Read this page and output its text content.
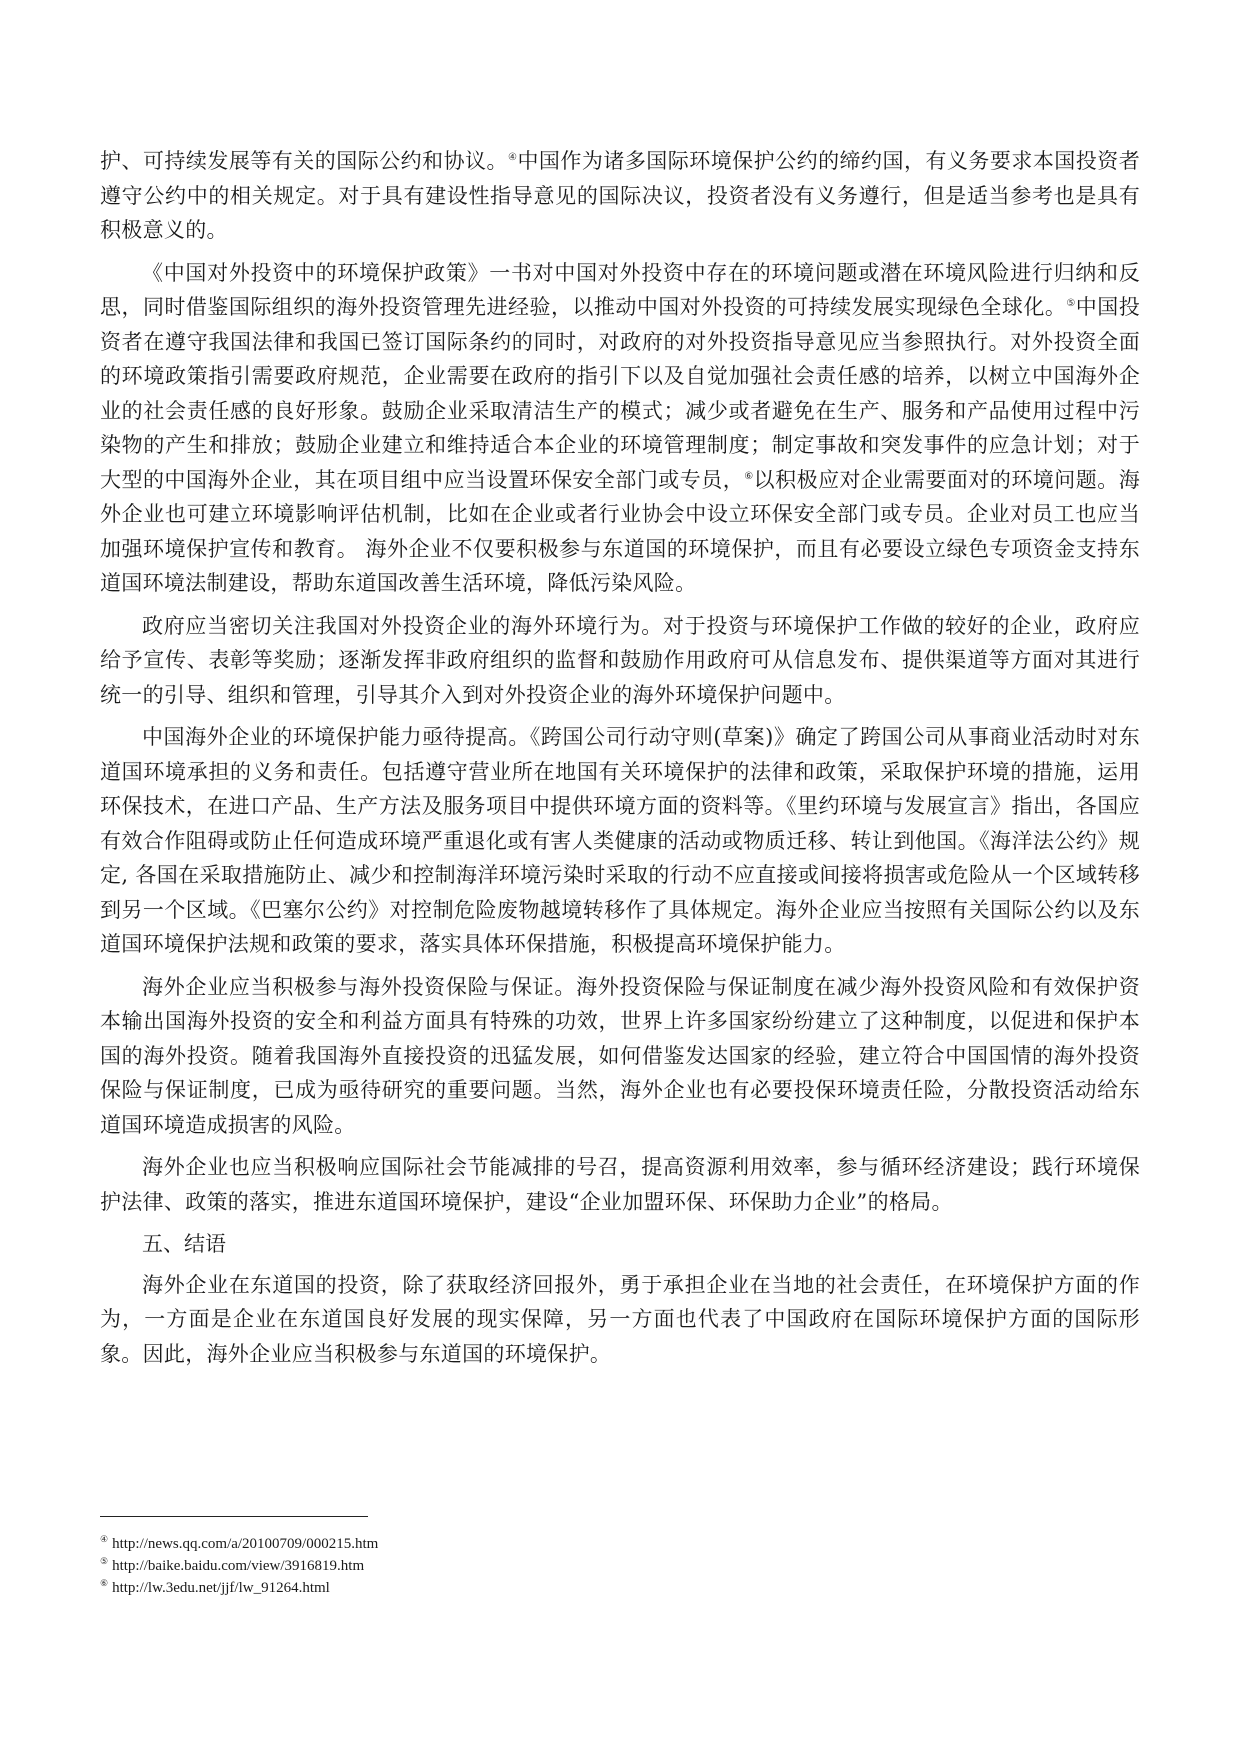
护、可持续发展等有关的国际公约和协议。④中国作为诸多国际环境保护公约的缔约国，有义务要求本国投资者遵守公约中的相关规定。对于具有建设性指导意见的国际决议，投资者没有义务遵行，但是适当参考也是具有积极意义的。

《中国对外投资中的环境保护政策》一书对中国对外投资中存在的环境问题或潜在环境风险进行归纳和反思，同时借鉴国际组织的海外投资管理先进经验，以推动中国对外投资的可持续发展实现绿色全球化。⑤中国投资者在遵守我国法律和我国已签订国际条约的同时，对政府的对外投资指导意见应当参照执行。对外投资全面的环境政策指引需要政府规范，企业需要在政府的指引下以及自觉加强社会责任感的培养，以树立中国海外企业的社会责任感的良好形象。鼓励企业采取清洁生产的模式；减少或者避免在生产、服务和产品使用过程中污染物的产生和排放；鼓励企业建立和维持适合本企业的环境管理制度；制定事故和突发事件的应急计划；对于大型的中国海外企业，其在项目组中应当设置环保安全部门或专员，⑥以积极应对企业需要面对的环境问题。海外企业也可建立环境影响评估机制，比如在企业或者行业协会中设立环保安全部门或专员。企业对员工也应当加强环境保护宣传和教育。 海外企业不仅要积极参与东道国的环境保护，而且有必要设立绿色专项资金支持东道国环境法制建设，帮助东道国改善生活环境，降低污染风险。

政府应当密切关注我国对外投资企业的海外环境行为。对于投资与环境保护工作做的较好的企业，政府应给予宣传、表彰等奖励；逐渐发挥非政府组织的监督和鼓励作用政府可从信息发布、提供渠道等方面对其进行统一的引导、组织和管理，引导其介入到对外投资企业的海外环境保护问题中。

中国海外企业的环境保护能力亟待提高。《跨国公司行动守则(草案)》确定了跨国公司从事商业活动时对东道国环境承担的义务和责任。包括遵守营业所在地国有关环境保护的法律和政策，采取保护环境的措施，运用环保技术，在进口产品、生产方法及服务项目中提供环境方面的资料等。《里约环境与发展宣言》指出，各国应有效合作阻碍或防止任何造成环境严重退化或有害人类健康的活动或物质迁移、转让到他国。《海洋法公约》规定, 各国在采取措施防止、减少和控制海洋环境污染时采取的行动不应直接或间接将损害或危险从一个区域转移到另一个区域。《巴塞尔公约》对控制危险废物越境转移作了具体规定。海外企业应当按照有关国际公约以及东道国环境保护法规和政策的要求，落实具体环保措施，积极提高环境保护能力。

海外企业应当积极参与海外投资保险与保证。海外投资保险与保证制度在减少海外投资风险和有效保护资本输出国海外投资的安全和利益方面具有特殊的功效，世界上许多国家纷纷建立了这种制度，以促进和保护本国的海外投资。随着我国海外直接投资的迅猛发展，如何借鉴发达国家的经验，建立符合中国国情的海外投资保险与保证制度，已成为亟待研究的重要问题。当然，海外企业也有必要投保环境责任险，分散投资活动给东道国环境造成损害的风险。

海外企业也应当积极响应国际社会节能减排的号召，提高资源利用效率，参与循环经济建设；践行环境保护法律、政策的落实，推进东道国环境保护，建设“企业加盟环保、环保助力企业”的格局。

五、结语

海外企业在东道国的投资，除了获取经济回报外，勇于承担企业在当地的社会责任，在环境保护方面的作为，一方面是企业在东道国良好发展的现实保障，另一方面也代表了中国政府在国际环境保护方面的国际形象。因此，海外企业应当积极参与东道国的环境保护。

④ http://news.qq.com/a/20100709/000215.htm

⑤ http://baike.baidu.com/view/3916819.htm

⑥ http://lw.3edu.net/jjf/lw_91264.html
